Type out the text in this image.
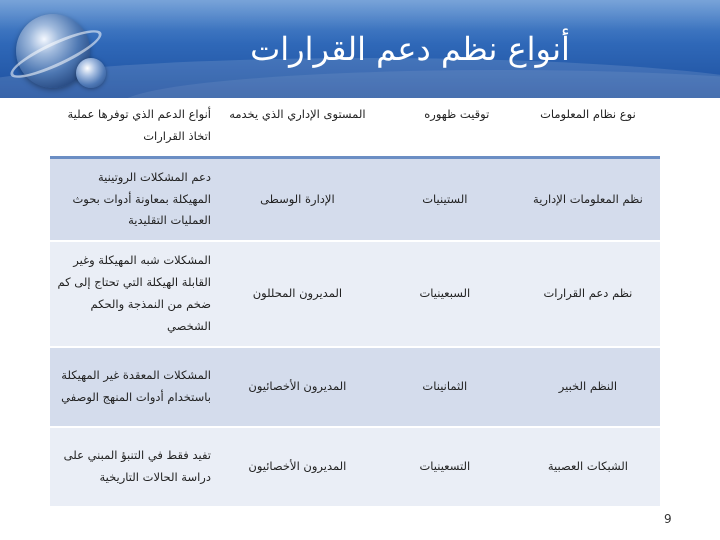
أنواع نظم دعم القرارات
نوع نظام المعلومات	توقيت ظهوره	المستوى الإداري الذي يخدمه	أنواع الدعم الذي توفرها عملية اتخاذ القرارات
نظم المعلومات الإدارية	الستينيات	الإدارة الوسطى	دعم المشكلات الروتينية المهيكلة بمعاونة أدوات بحوث العمليات التقليدية
نظم دعم القرارات	السبعينيات	المديرون المحللون	المشكلات شبه المهيكلة وغير القابلة الهيكلة التي تحتاج إلى كم ضخم من النمذجة والحكم الشخصي
النظم الخبير	الثمانينات	المديرون الأخصائيون	المشكلات المعقدة غير المهيكلة باستخدام أدوات المنهج الوصفي
الشبكات العصبية	التسعينيات	المديرون الأخصائيون	تفيد فقط في التنبؤ المبني على دراسة الحالات التاريخية
9
